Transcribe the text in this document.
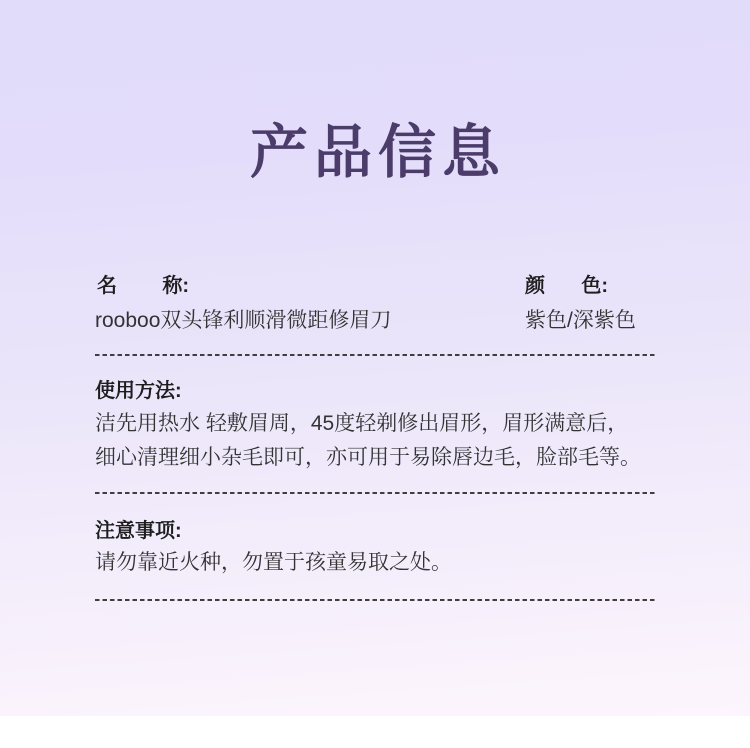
产品信息
名 称:
rooboo双头锋利顺滑微距修眉刀
颜 色:
紫色/深紫色
使用方法:
洁先用热水 轻敷眉周，45度轻剃修出眉形，眉形满意后，
细心清理细小杂毛即可，亦可用于易除唇边毛，脸部毛等。
注意事项:
请勿靠近火种，勿置于孩童易取之处。
